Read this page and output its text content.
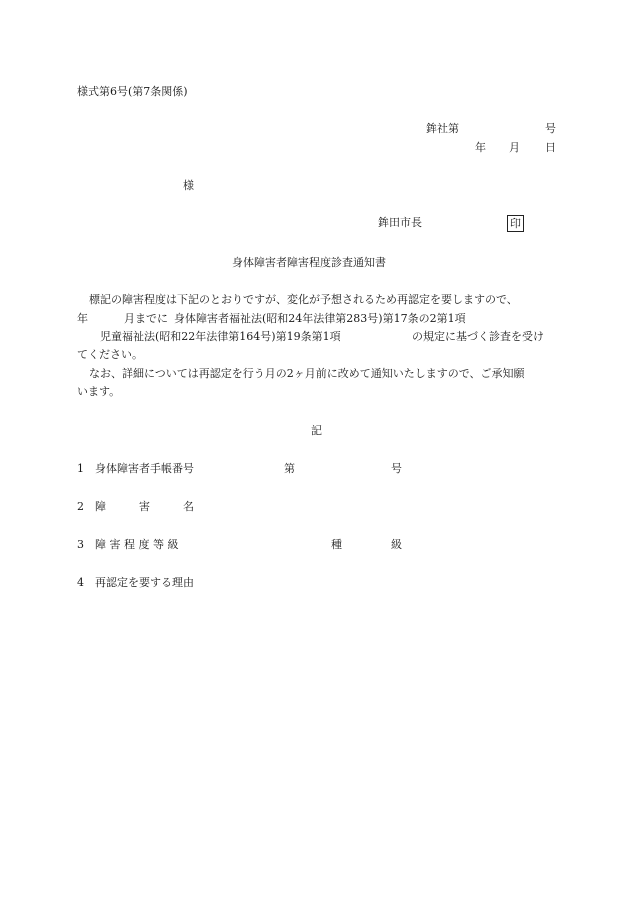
様式第6号(第7条関係)
鉾社第	号
年 月 日
様
鉾田市長	印
身体障害者障害程度診査通知書
標記の障害程度は下記のとおりですが、変化が予想されるため再認定を要しますので、
年	月までに 身体障害者福祉法(昭和24年法律第283号)第17条の2第1項
児童福祉法(昭和22年法律第164号)第19条第1項	の規定に基づく診査を受け
てください。
なお、詳細については再認定を行う月の2ヶ月前に改めて通知いたしますので、ご承知願
います。
記
1 身体障害者手帳番号	第	号
2 障　　　害　　　名
3 障 害 程 度 等 級	種	級
4 再認定を要する理由
